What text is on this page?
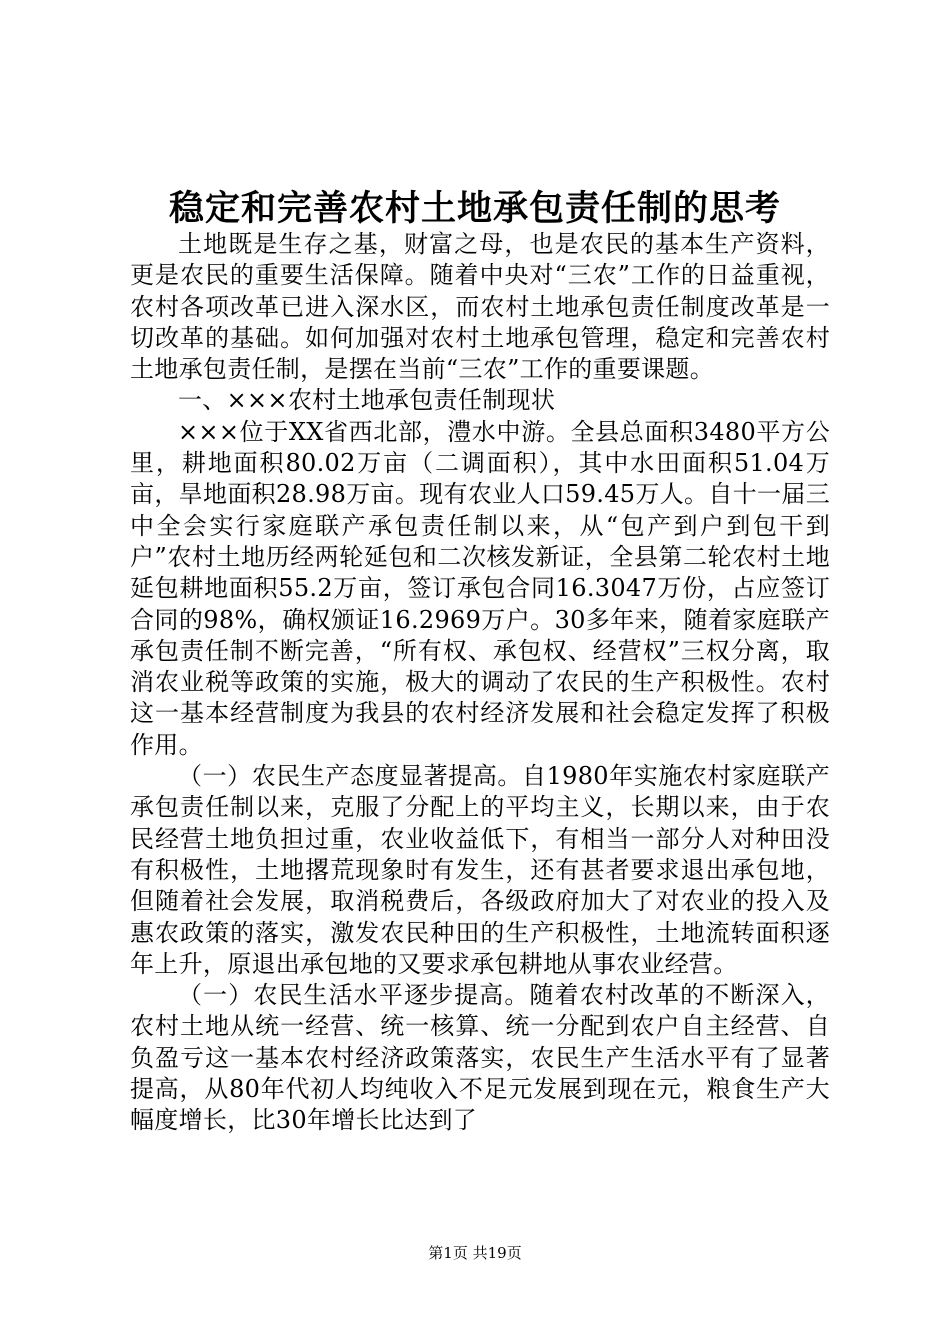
稳定和完善农村土地承包责任制的思考

土地既是生存之基，财富之母，也是农民的基本生产资料，更是农民的重要生活保障。随着中央对“三农”工作的日益重视，农村各项改革已进入深水区，而农村土地承包责任制度改革是一切改革的基础。如何加强对农村土地承包管理，稳定和完善农村土地承包责任制，是摆在当前“三农”工作的重要课题。

一、×××农村土地承包责任制现状

×××位于XX省西北部，澧水中游。全县总面积3480平方公里，耕地面积80.02万亩（二调面积），其中水田面积51.04万亩，旱地面积28.98万亩。现有农业人口59.45万人。自十一届三中全会实行家庭联产承包责任制以来，从“包产到户到包干到户”农村土地历经两轮延包和二次核发新证，全县第二轮农村土地延包耕地面积55.2万亩，签订承包合同16.3047万份，占应签订合同的98%，确权颁证16.2969万户。30多年来，随着家庭联产承包责任制不断完善，“所有权、承包权、经营权”三权分离，取消农业税等政策的实施，极大的调动了农民的生产积极性。农村这一基本经营制度为我县的农村经济发展和社会稳定发挥了积极作用。

（一）农民生产态度显著提高。自1980年实施农村家庭联产承包责任制以来，克服了分配上的平均主义，长期以来，由于农民经营土地负担过重，农业收益低下，有相当一部分人对种田没有积极性，土地撂荒现象时有发生，还有甚者要求退出承包地，但随着社会发展，取消税费后，各级政府加大了对农业的投入及惠农政策的落实，激发农民种田的生产积极性，土地流转面积逐年上升，原退出承包地的又要求承包耕地从事农业经营。

（一）农民生活水平逐步提高。随着农村改革的不断深入，农村土地从统一经营、统一核算、统一分配到农户自主经营、自负盈亏这一基本农村经济政策落实，农民生产生活水平有了显著提高，从80年代初人均纯收入不足元发展到现在元，粮食生产大幅度增长，比30年增长比达到了

第1页 共19页
